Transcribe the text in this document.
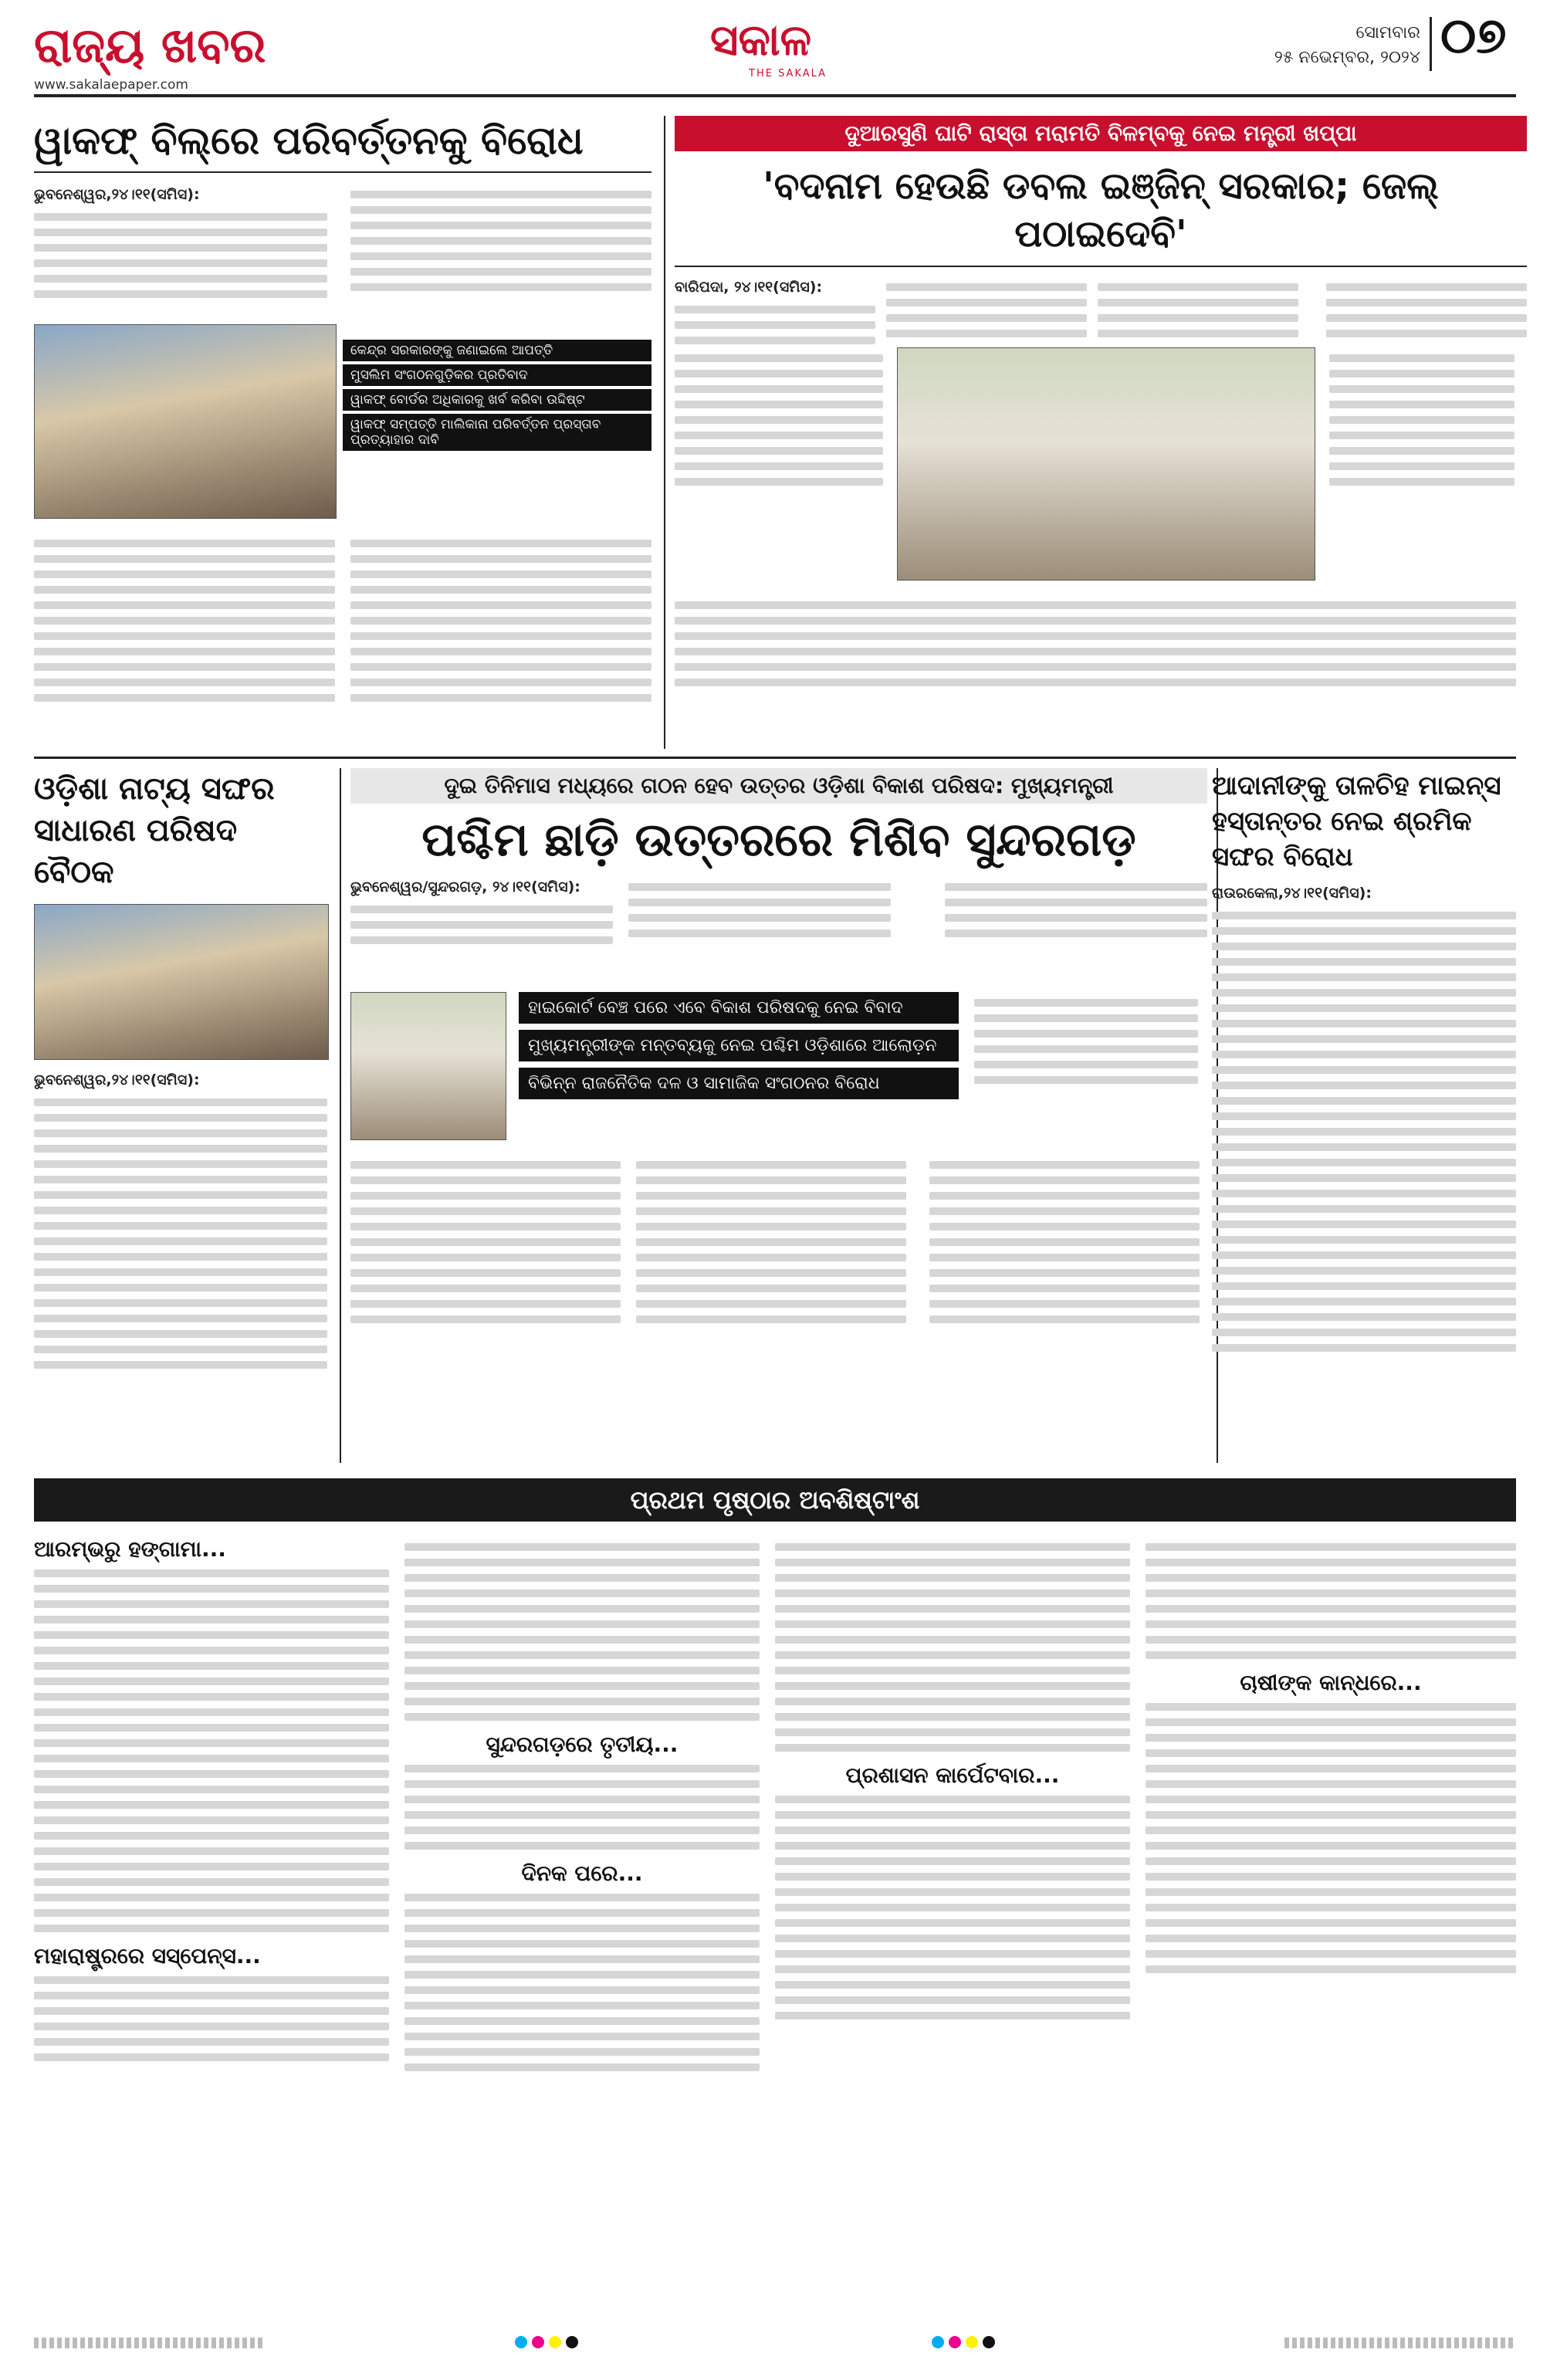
ରାଜ୍ୟ ଖବର
www.sakalaepaper.com
ସକାଳ
THE SAKALA
ସୋମବାର
୨୫ ନଭେମ୍ବର, ୨୦୨୪ ୦୭
ୱାକଫ୍ ବିଲ୍‌ରେ ପରିବର୍ତ୍ତନକୁ ବିରୋଧ
ଭୁବନେଶ୍ୱର,୨୪।୧୧(ସମିସ):
କେନ୍ଦ୍ର ସରକାରଙ୍କୁ ଜଣାଇଲେ ଆପତ୍ତି
ମୁସଲିମ ସଂଗଠନଗୁଡ଼ିକର ପ୍ରତିବାଦ
ୱାକଫ୍ ବୋର୍ଡର ଅଧିକାରକୁ ଖର୍ବ କରିବା ଉଦ୍ଦିଷ୍ଟ
ୱାକଫ୍ ସମ୍ପତ୍ତି ମାଲିକାନା ପରିବର୍ତ୍ତନ ପ୍ରସ୍ତାବ ପ୍ରତ୍ୟାହାର ଦାବି
ଦୁଆରସୁଣି ଘାଟି ରାସ୍ତା ମରାମତି ବିଳମ୍ବକୁ ନେଇ ମନ୍ତ୍ରୀ ଖପ୍ପା
'ବଦନାମ ହେଉଛି ଡବଲ ଇଞ୍ଜିନ୍ ସରକାର; ଜେଲ୍ ପଠାଇଦେବି'
ବାରିପଦା, ୨୪।୧୧(ସମିସ):
ଓଡ଼ିଶା ନାଟ୍ୟ ସଙ୍ଘର ସାଧାରଣ ପରିଷଦ ବୈଠକ
ଭୁବନେଶ୍ୱର,୨୪।୧୧(ସମିସ):
ଦୁଇ ତିନିମାସ ମଧ୍ୟରେ ଗଠନ ହେବ ଉତ୍ତର ଓଡ଼ିଶା ବିକାଶ ପରିଷଦ: ମୁଖ୍ୟମନ୍ତ୍ରୀ
ପଶ୍ଚିମ ଛାଡ଼ି ଉତ୍ତରରେ ମିଶିବ ସୁନ୍ଦରଗଡ଼
ଭୁବନେଶ୍ୱର/ସୁନ୍ଦରଗଡ଼, ୨୪।୧୧(ସମିସ):
ହାଇକୋର୍ଟ ବେଞ୍ଚ ପରେ ଏବେ ବିକାଶ ପରିଷଦକୁ ନେଇ ବିବାଦ
ମୁଖ୍ୟମନ୍ତ୍ରୀଙ୍କ ମନ୍ତବ୍ୟକୁ ନେଇ ପଶ୍ଚିମ ଓଡ଼ିଶାରେ ଆଲୋଡ଼ନ
ବିଭିନ୍ନ ରାଜନୈତିକ ଦଳ ଓ ସାମାଜିକ ସଂଗଠନର ବିରୋଧ
ଆଦାନୀଙ୍କୁ ତାଳଚିହ ମାଇନ୍ସ ହସ୍ତାନ୍ତର ନେଇ ଶ୍ରମିକ ସଙ୍ଘର ବିରୋଧ
ରାଉରକେଲା,୨୪।୧୧(ସମିସ):
ପ୍ରଥମ ପୃଷ୍ଠାର ଅବଶିଷ୍ଟାଂଶ
ଆରମ୍ଭରୁ ହଙ୍ଗାମା...
ମହାରାଷ୍ଟ୍ରରେ ସସ୍‌ପେନ୍ସ...
ସୁନ୍ଦରଗଡ଼ରେ ତୃତୀୟ...
ଦିନକ ପରେ...
ପ୍ରଶାସନ କାର୍ପେଟବାର...
ଚାଷୀଙ୍କ କାନ୍ଧରେ...
